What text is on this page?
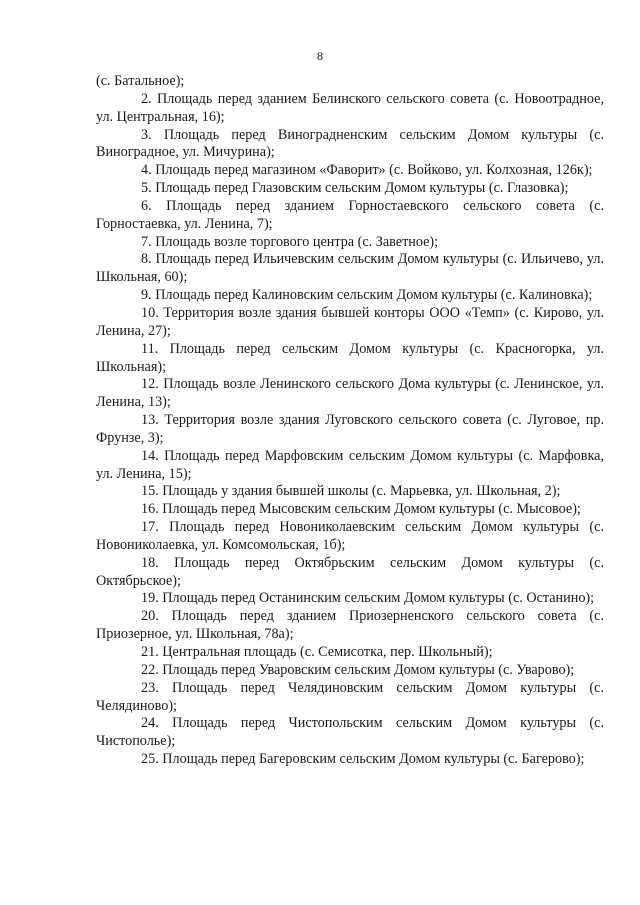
8

(с. Батальное);

2. Площадь перед зданием Белинского сельского совета (с. Новоотрадное, ул. Центральная, 16);

3. Площадь перед Виноградненским сельским Домом культуры (с. Виноградное, ул. Мичурина);

4. Площадь перед магазином «Фаворит» (с. Войково, ул. Колхозная, 126к);

5. Площадь перед Глазовским сельским Домом культуры (с. Глазовка);

6. Площадь перед зданием Горностаевского сельского совета (с. Горностаевка, ул. Ленина, 7);

7. Площадь возле торгового центра (с. Заветное);

8. Площадь перед Ильичевским сельским Домом культуры (с. Ильичево, ул. Школьная, 60);

9. Площадь перед Калиновским сельским Домом культуры (с. Калиновка);

10. Территория возле здания бывшей конторы ООО «Темп» (с. Кирово, ул. Ленина, 27);

11. Площадь перед сельским Домом культуры (с. Красногорка, ул. Школьная);

12. Площадь возле Ленинского сельского Дома культуры (с. Ленинское, ул. Ленина, 13);

13. Территория возле здания Луговского сельского совета (с. Луговое, пр. Фрунзе, 3);

14. Площадь перед Марфовским сельским Домом культуры (с. Марфовка, ул. Ленина, 15);

15. Площадь у здания бывшей школы (с. Марьевка, ул. Школьная, 2);

16. Площадь перед Мысовским сельским Домом культуры (с. Мысовое);

17. Площадь перед Новониколаевским сельским Домом культуры (с. Новониколаевка, ул. Комсомольская, 1б);

18. Площадь перед Октябрьским сельским Домом культуры (с. Октябрьское);

19. Площадь перед Останинским сельским Домом культуры (с. Останино);

20. Площадь перед зданием Приозерненского сельского совета (с. Приозерное, ул. Школьная, 78а);

21. Центральная площадь (с. Семисотка, пер. Школьный);

22. Площадь перед Уваровским сельским Домом культуры (с. Уварово);

23. Площадь перед Челядиновским сельским Домом культуры (с. Челядиново);

24. Площадь перед Чистопольским сельским Домом культуры (с. Чистополье);

25. Площадь перед Багеровским сельским Домом культуры (с. Багерово);
